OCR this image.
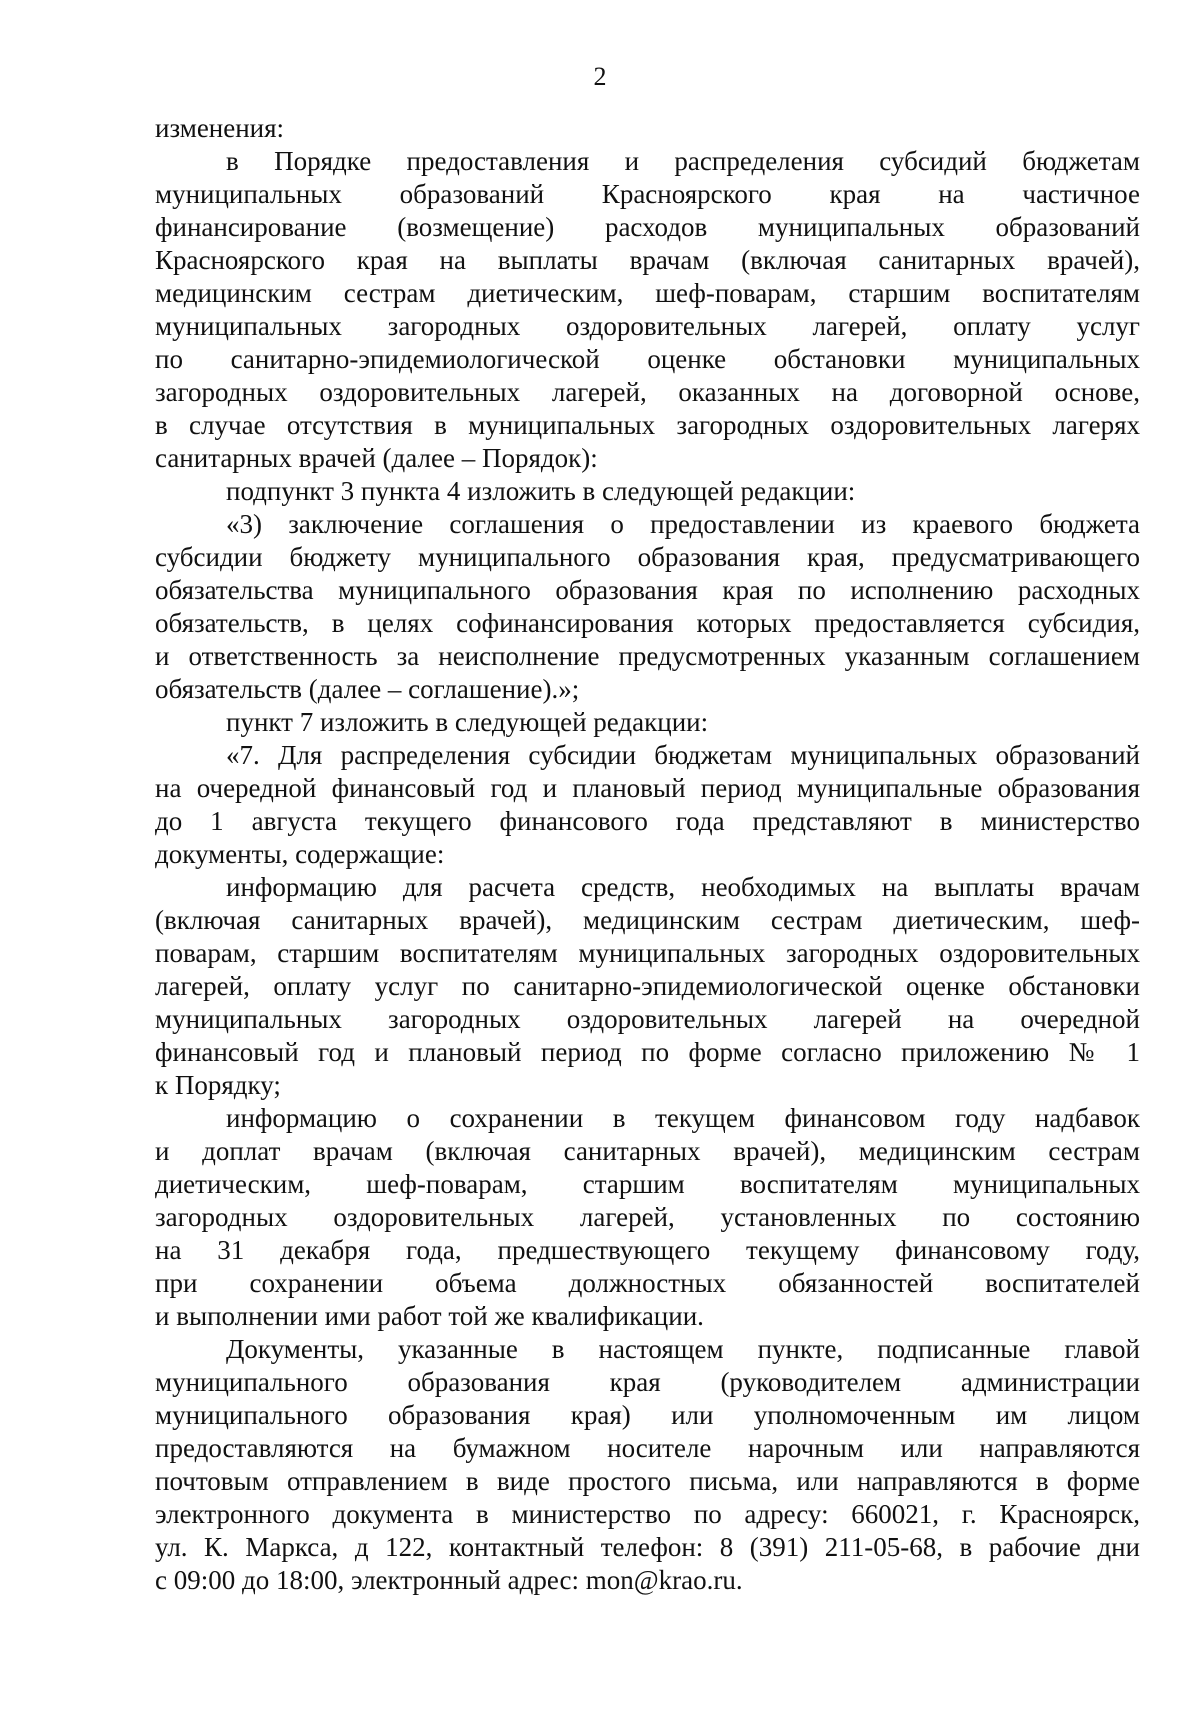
2
изменения:
в Порядке предоставления и распределения субсидий бюджетам
муниципальных образований Красноярского края на частичное
финансирование (возмещение) расходов муниципальных образований
Красноярского края на выплаты врачам (включая санитарных врачей),
медицинским сестрам диетическим, шеф-поварам, старшим воспитателям
муниципальных загородных оздоровительных лагерей, оплату услуг
по санитарно-эпидемиологической оценке обстановки муниципальных
загородных оздоровительных лагерей, оказанных на договорной основе,
в случае отсутствия в муниципальных загородных оздоровительных лагерях
санитарных врачей (далее – Порядок):
подпункт 3 пункта 4 изложить в следующей редакции:
«3) заключение соглашения о предоставлении из краевого бюджета
субсидии бюджету муниципального образования края, предусматривающего
обязательства муниципального образования края по исполнению расходных
обязательств, в целях софинансирования которых предоставляется субсидия,
и ответственность за неисполнение предусмотренных указанным соглашением
обязательств (далее – соглашение).»;
пункт 7 изложить в следующей редакции:
«7. Для распределения субсидии бюджетам муниципальных образований
на очередной финансовый год и плановый период муниципальные образования
до 1 августа текущего финансового года представляют в министерство
документы, содержащие:
информацию для расчета средств, необходимых на выплаты врачам
(включая санитарных врачей), медицинским сестрам диетическим, шеф-
поварам, старшим воспитателям муниципальных загородных оздоровительных
лагерей, оплату услуг по санитарно-эпидемиологической оценке обстановки
муниципальных загородных оздоровительных лагерей на очередной
финансовый год и плановый период по форме согласно приложению № 1
к Порядку;
информацию о сохранении в текущем финансовом году надбавок
и доплат врачам (включая санитарных врачей), медицинским сестрам
диетическим, шеф-поварам, старшим воспитателям муниципальных
загородных оздоровительных лагерей, установленных по состоянию
на 31 декабря года, предшествующего текущему финансовому году,
при сохранении объема должностных обязанностей воспитателей
и выполнении ими работ той же квалификации.
Документы, указанные в настоящем пункте, подписанные главой
муниципального образования края (руководителем администрации
муниципального образования края) или уполномоченным им лицом
предоставляются на бумажном носителе нарочным или направляются
почтовым отправлением в виде простого письма, или направляются в форме
электронного документа в министерство по адресу: 660021, г. Красноярск,
ул. К. Маркса, д 122, контактный телефон: 8 (391) 211-05-68, в рабочие дни
с 09:00 до 18:00, электронный адрес: mon@krao.ru.
